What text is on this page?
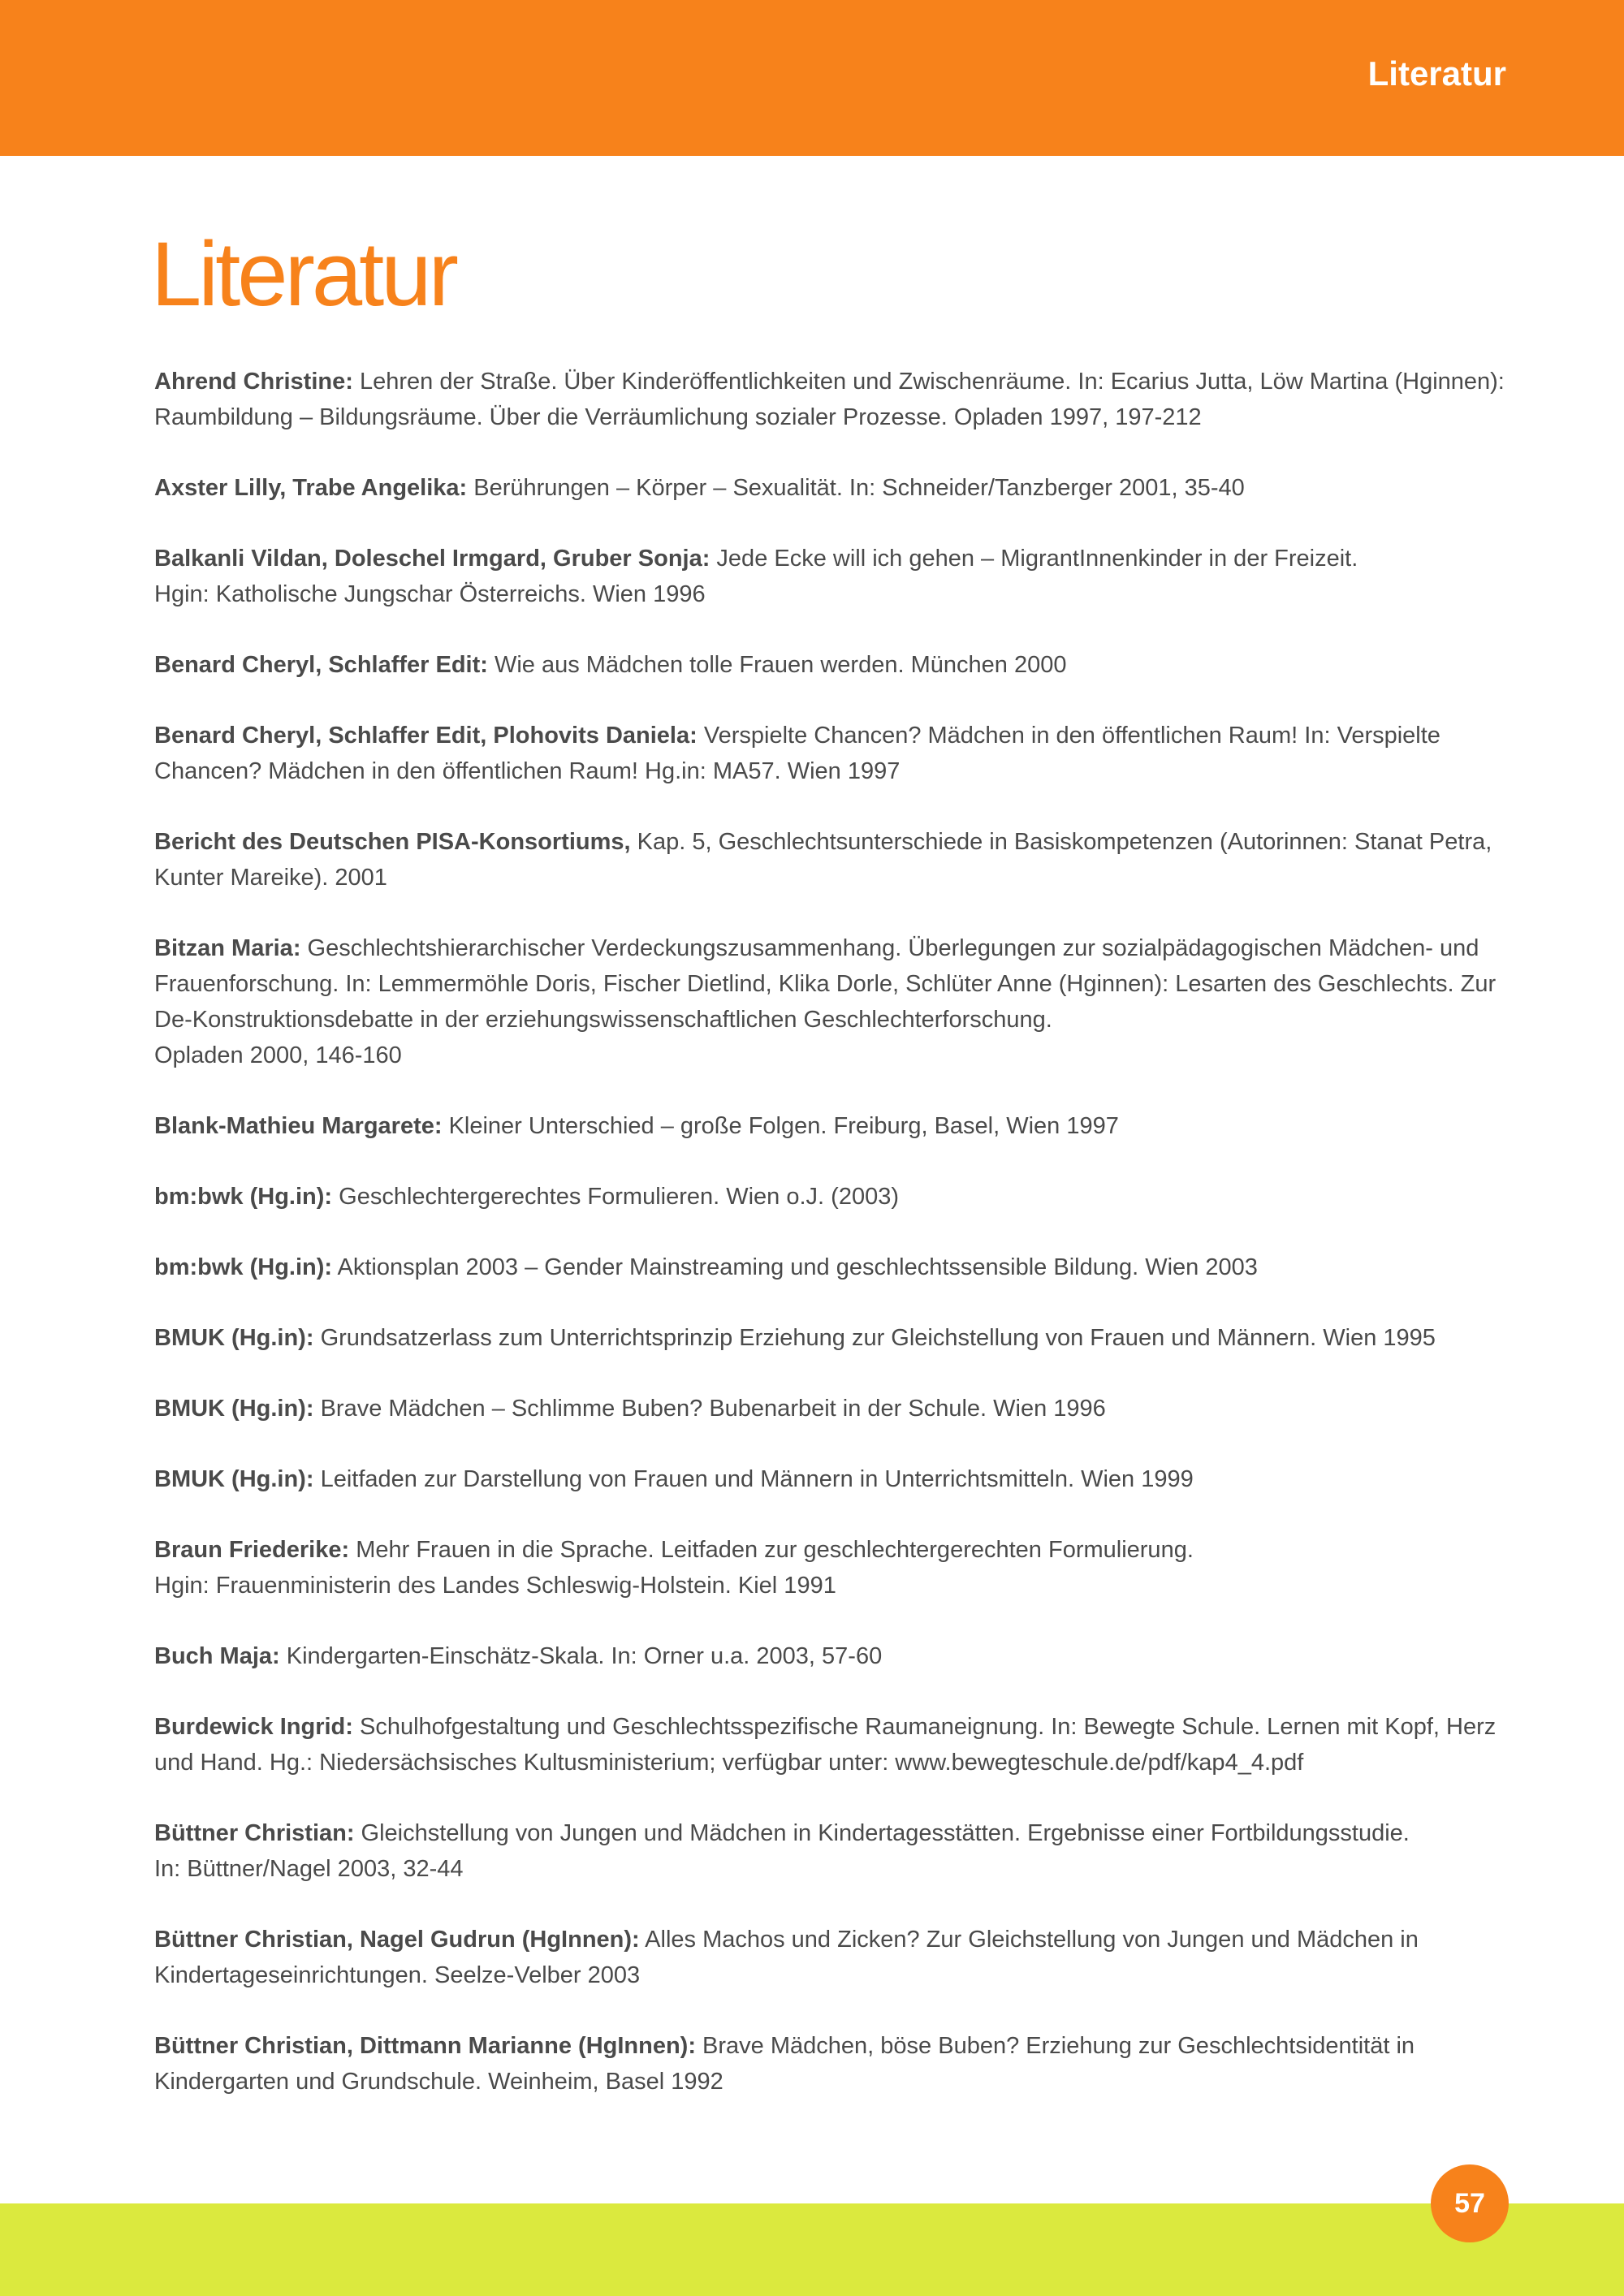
Literatur
Literatur

Ahrend Christine: Lehren der Straße. Über Kinderöffentlichkeiten und Zwischenräume. In: Ecarius Jutta, Löw Martina (Hginnen): Raumbildung – Bildungsräume. Über die Verräumlichung sozialer Prozesse. Opladen 1997, 197-212

Axster Lilly, Trabe Angelika: Berührungen – Körper – Sexualität. In: Schneider/Tanzberger 2001, 35-40

Balkanli Vildan, Doleschel Irmgard, Gruber Sonja: Jede Ecke will ich gehen – MigrantInnenkinder in der Freizeit.
Hgin: Katholische Jungschar Österreichs. Wien 1996

Benard Cheryl, Schlaffer Edit: Wie aus Mädchen tolle Frauen werden. München 2000

Benard Cheryl, Schlaffer Edit, Plohovits Daniela: Verspielte Chancen? Mädchen in den öffentlichen Raum! In: Verspielte Chancen? Mädchen in den öffentlichen Raum! Hg.in: MA57. Wien 1997

Bericht des Deutschen PISA-Konsortiums, Kap. 5, Geschlechtsunterschiede in Basiskompetenzen (Autorinnen: Stanat Petra, Kunter Mareike). 2001

Bitzan Maria: Geschlechtshierarchischer Verdeckungszusammenhang. Überlegungen zur sozialpädagogischen Mädchen- und Frauenforschung. In: Lemmermöhle Doris, Fischer Dietlind, Klika Dorle, Schlüter Anne (Hginnen): Lesarten des Geschlechts. Zur De-Konstruktionsdebatte in der erziehungswissenschaftlichen Geschlechterforschung.
Opladen 2000, 146-160

Blank-Mathieu Margarete: Kleiner Unterschied – große Folgen. Freiburg, Basel, Wien 1997

bm:bwk (Hg.in): Geschlechtergerechtes Formulieren. Wien o.J. (2003)

bm:bwk (Hg.in): Aktionsplan 2003 – Gender Mainstreaming und geschlechtssensible Bildung. Wien 2003

BMUK (Hg.in): Grundsatzerlass zum Unterrichtsprinzip Erziehung zur Gleichstellung von Frauen und Männern. Wien 1995

BMUK (Hg.in): Brave Mädchen – Schlimme Buben? Bubenarbeit in der Schule. Wien 1996

BMUK (Hg.in): Leitfaden zur Darstellung von Frauen und Männern in Unterrichtsmitteln. Wien 1999

Braun Friederike: Mehr Frauen in die Sprache. Leitfaden zur geschlechtergerechten Formulierung.
Hgin: Frauenministerin des Landes Schleswig-Holstein. Kiel 1991

Buch Maja: Kindergarten-Einschätz-Skala. In: Orner u.a. 2003, 57-60

Burdewick Ingrid: Schulhofgestaltung und Geschlechtsspezifische Raumaneignung. In: Bewegte Schule. Lernen mit Kopf, Herz und Hand. Hg.: Niedersächsisches Kultusministerium; verfügbar unter: www.bewegteschule.de/pdf/kap4_4.pdf

Büttner Christian: Gleichstellung von Jungen und Mädchen in Kindertagesstätten. Ergebnisse einer Fortbildungsstudie.
In: Büttner/Nagel 2003, 32-44

Büttner Christian, Nagel Gudrun (HgInnen): Alles Machos und Zicken? Zur Gleichstellung von Jungen und Mädchen in Kindertageseinrichtungen. Seelze-Velber 2003

Büttner Christian, Dittmann Marianne (HgInnen): Brave Mädchen, böse Buben? Erziehung zur Geschlechtsidentität in Kindergarten und Grundschule. Weinheim, Basel 1992

57
